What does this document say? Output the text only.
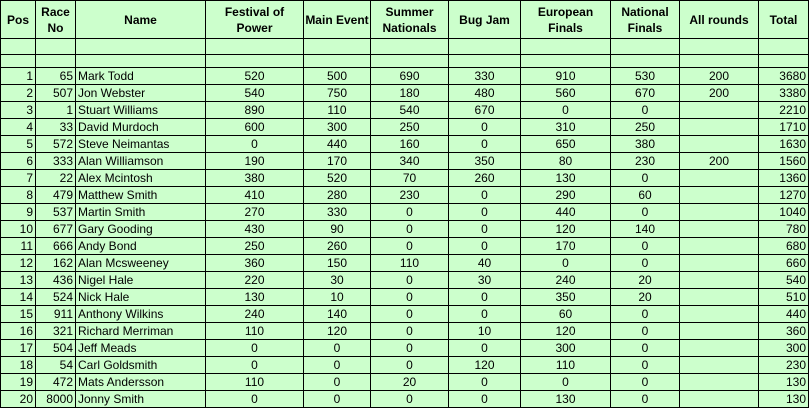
Pos	Race No	Name	Festival of Power	Main Event	Summer Nationals	Bug Jam	European Finals	National Finals	All rounds	Total

1	65	Mark Todd	520	500	690	330	910	530	200	3680
2	507	Jon Webster	540	750	180	480	560	670	200	3380
3	1	Stuart Williams	890	110	540	670	0	0		2210
4	33	David Murdoch	600	300	250	0	310	250		1710
5	572	Steve Neimantas	0	440	160	0	650	380		1630
6	333	Alan Williamson	190	170	340	350	80	230	200	1560
7	22	Alex Mcintosh	380	520	70	260	130	0		1360
8	479	Matthew Smith	410	280	230	0	290	60		1270
9	537	Martin Smith	270	330	0	0	440	0		1040
10	677	Gary Gooding	430	90	0	0	120	140		780
11	666	Andy Bond	250	260	0	0	170	0		680
12	162	Alan Mcsweeney	360	150	110	40	0	0		660
13	436	Nigel Hale	220	30	0	30	240	20		540
14	524	Nick Hale	130	10	0	0	350	20		510
15	911	Anthony Wilkins	240	140	0	0	60	0		440
16	321	Richard Merriman	110	120	0	10	120	0		360
17	504	Jeff Meads	0	0	0	0	300	0		300
18	54	Carl Goldsmith	0	0	0	120	110	0		230
19	472	Mats Andersson	110	0	20	0	0	0		130
20	8000	Jonny Smith	0	0	0	0	130	0		130
